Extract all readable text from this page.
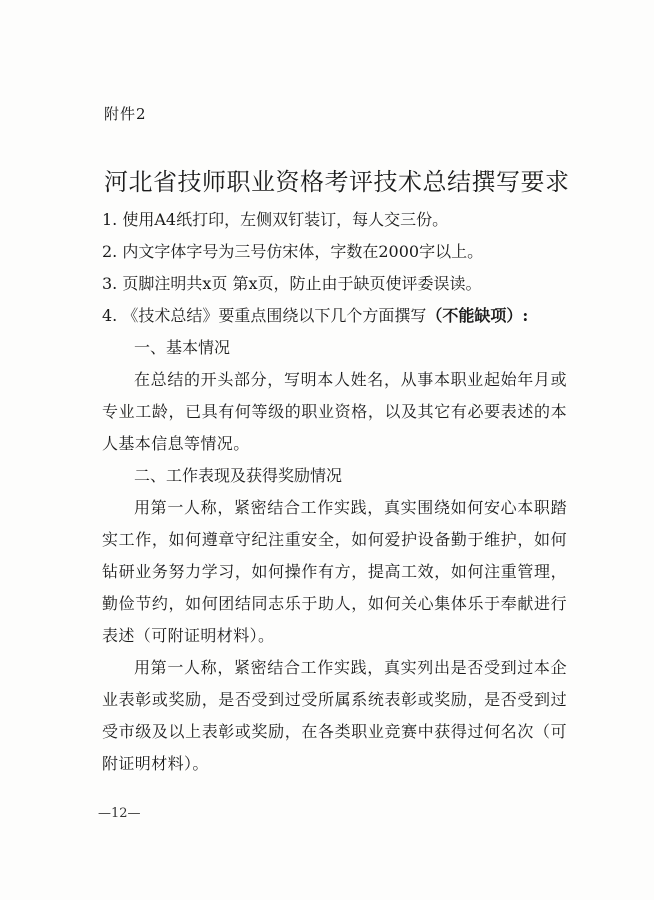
附件2
河北省技师职业资格考评技术总结撰写要求

1. 使用A4纸打印，左侧双钉装订，每人交三份。

2. 内文字体字号为三号仿宋体，字数在2000字以上。

3. 页脚注明共x页 第x页，防止由于缺页使评委误读。

4. 《技术总结》要重点围绕以下几个方面撰写（不能缺项）:

一、基本情况

在总结的开头部分，写明本人姓名，从事本职业起始年月或专业工龄，已具有何等级的职业资格，以及其它有必要表述的本人基本信息等情况。

二、工作表现及获得奖励情况

用第一人称，紧密结合工作实践，真实围绕如何安心本职踏实工作，如何遵章守纪注重安全，如何爱护设备勤于维护，如何钻研业务努力学习，如何操作有方，提高工效，如何注重管理，勤俭节约，如何团结同志乐于助人，如何关心集体乐于奉献进行表述（可附证明材料）。

用第一人称，紧密结合工作实践，真实列出是否受到过本企业表彰或奖励，是否受到过受所属系统表彰或奖励，是否受到过受市级及以上表彰或奖励，在各类职业竞赛中获得过何名次（可附证明材料）。

—12—
